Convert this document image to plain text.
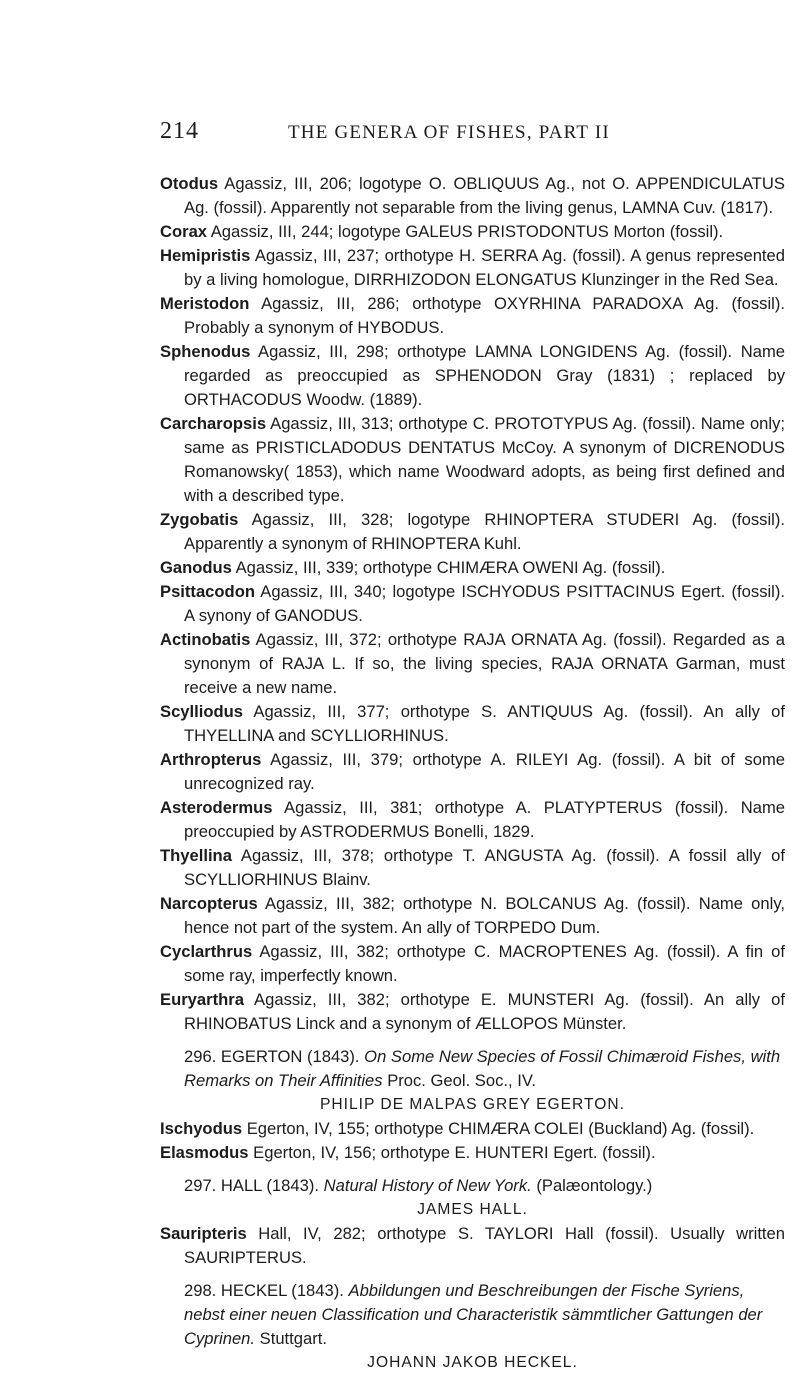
214	THE GENERA OF FISHES, PART II

Otodus Agassiz, III, 206; logotype O. OBLIQUUS Ag., not O. APPENDICULATUS Ag. (fossil). Apparently not separable from the living genus, LAMNA Cuv. (1817).

Corax Agassiz, III, 244; logotype GALEUS PRISTODONTUS Morton (fossil).

Hemipristis Agassiz, III, 237; orthotype H. SERRA Ag. (fossil). A genus represented by a living homologue, DIRRHIZODON ELONGATUS Klunzinger in the Red Sea.

Meristodon Agassiz, III, 286; orthotype OXYRHINA PARADOXA Ag. (fossil). Probably a synonym of HYBODUS.

Sphenodus Agassiz, III, 298; orthotype LAMNA LONGIDENS Ag. (fossil). Name regarded as preoccupied as SPHENODON Gray (1831) ; replaced by ORTHACODUS Woodw. (1889).

Carcharopsis Agassiz, III, 313; orthotype C. PROTOTYPUS Ag. (fossil). Name only; same as PRISTICLADODUS DENTATUS McCoy. A synonym of DICRENODUS Romanowsky( 1853), which name Woodward adopts, as being first defined and with a described type.

Zygobatis Agassiz, III, 328; logotype RHINOPTERA STUDERI Ag. (fossil). Apparently a synonym of RHINOPTERA Kuhl.

Ganodus Agassiz, III, 339; orthotype CHIMÆRA OWENI Ag. (fossil).

Psittacodon Agassiz, III, 340; logotype ISCHYODUS PSITTACINUS Egert. (fossil). A synony of GANODUS.

Actinobatis Agassiz, III, 372; orthotype RAJA ORNATA Ag. (fossil). Regarded as a synonym of RAJA L. If so, the living species, RAJA ORNATA Garman, must receive a new name.

Scylliodus Agassiz, III, 377; orthotype S. ANTIQUUS Ag. (fossil). An ally of THYELLINA and SCYLLIORHINUS.

Arthropterus Agassiz, III, 379; orthotype A. RILEYI Ag. (fossil). A bit of some unrecognized ray.

Asterodermus Agassiz, III, 381; orthotype A. PLATYPTERUS (fossil). Name preoccupied by ASTRODERMUS Bonelli, 1829.

Thyellina Agassiz, III, 378; orthotype T. ANGUSTA Ag. (fossil). A fossil ally of SCYLLIORHINUS Blainv.

Narcopterus Agassiz, III, 382; orthotype N. BOLCANUS Ag. (fossil). Name only, hence not part of the system. An ally of TORPEDO Dum.

Cyclarthrus Agassiz, III, 382; orthotype C. MACROPTENES Ag. (fossil). A fin of some ray, imperfectly known.

Euryarthra Agassiz, III, 382; orthotype E. MUNSTERI Ag. (fossil). An ally of RHINOBATUS Linck and a synonym of ÆLLOPOS Münster.

296. EGERTON (1843). On Some New Species of Fossil Chimæroid Fishes, with Remarks on Their Affinities Proc. Geol. Soc., IV.

PHILIP DE MALPAS GREY EGERTON.

Ischyodus Egerton, IV, 155; orthotype CHIMÆRA COLEI (Buckland) Ag. (fossil).

Elasmodus Egerton, IV, 156; orthotype E. HUNTERI Egert. (fossil).

297. HALL (1843). Natural History of New York. (Palæontology.)

JAMES HALL.

Sauripteris Hall, IV, 282; orthotype S. TAYLORI Hall (fossil). Usually written SAURIPTERUS.

298. HECKEL (1843). Abbildungen und Beschreibungen der Fische Syriens, nebst einer neuen Classification und Characteristik sämmtlicher Gattungen der Cyprinen. Stuttgart.

JOHANN JAKOB HECKEL.
